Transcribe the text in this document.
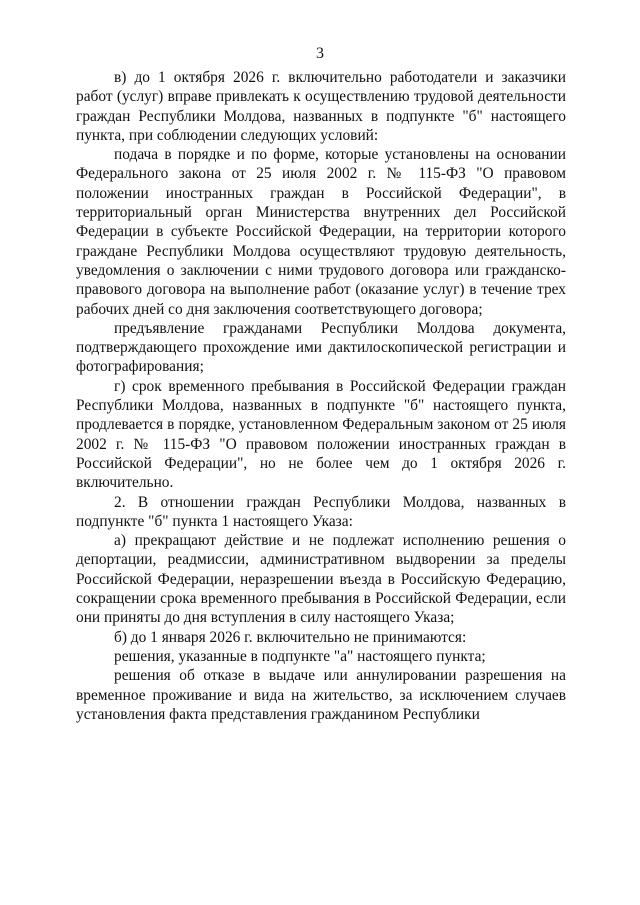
3

в) до 1 октября 2026 г. включительно работодатели и заказчики работ (услуг) вправе привлекать к осуществлению трудовой деятельности граждан Республики Молдова, названных в подпункте "б" настоящего пункта, при соблюдении следующих условий:

подача в порядке и по форме, которые установлены на основании Федерального закона от 25 июля 2002 г. № 115-ФЗ "О правовом положении иностранных граждан в Российской Федерации", в территориальный орган Министерства внутренних дел Российской Федерации в субъекте Российской Федерации, на территории которого граждане Республики Молдова осуществляют трудовую деятельность, уведомления о заключении с ними трудового договора или гражданско-правового договора на выполнение работ (оказание услуг) в течение трех рабочих дней со дня заключения соответствующего договора;

предъявление гражданами Республики Молдова документа, подтверждающего прохождение ими дактилоскопической регистрации и фотографирования;

г) срок временного пребывания в Российской Федерации граждан Республики Молдова, названных в подпункте "б" настоящего пункта, продлевается в порядке, установленном Федеральным законом от 25 июля 2002 г. № 115-ФЗ "О правовом положении иностранных граждан в Российской Федерации", но не более чем до 1 октября 2026 г. включительно.

2. В отношении граждан Республики Молдова, названных в подпункте "б" пункта 1 настоящего Указа:

а) прекращают действие и не подлежат исполнению решения о депортации, реадмиссии, административном выдворении за пределы Российской Федерации, неразрешении въезда в Российскую Федерацию, сокращении срока временного пребывания в Российской Федерации, если они приняты до дня вступления в силу настоящего Указа;

б) до 1 января 2026 г. включительно не принимаются:

решения, указанные в подпункте "а" настоящего пункта;

решения об отказе в выдаче или аннулировании разрешения на временное проживание и вида на жительство, за исключением случаев установления факта представления гражданином Республики
